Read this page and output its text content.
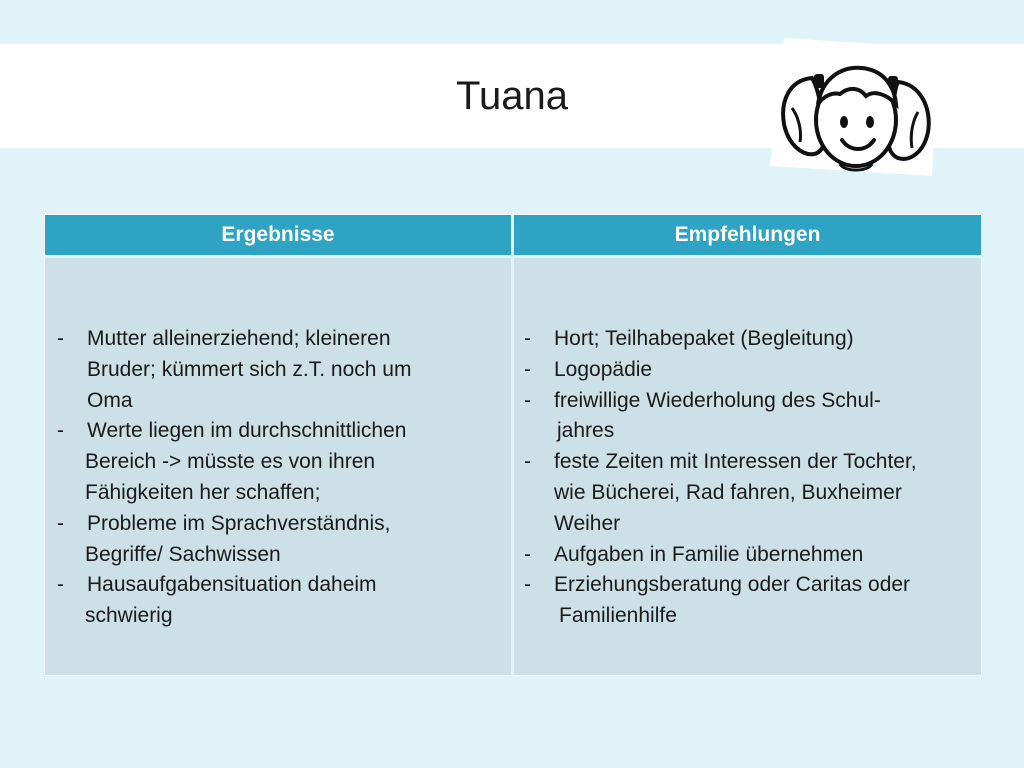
Tuana
Ergebnisse	Empfehlungen
- Mutter alleinerziehend; kleineren
Bruder; kümmert sich z.T. noch um
Oma
- Werte liegen im durchschnittlichen
Bereich -> müsste es von ihren
Fähigkeiten her schaffen;
- Probleme im Sprachverständnis,
Begriffe/ Sachwissen
- Hausaufgabensituation daheim
schwierig
- Hort; Teilhabepaket (Begleitung)
- Logopädie
- freiwillige Wiederholung des Schul-
jahres
- feste Zeiten mit Interessen der Tochter,
wie Bücherei, Rad fahren, Buxheimer
Weiher
- Aufgaben in Familie übernehmen
- Erziehungsberatung oder Caritas oder
Familienhilfe
